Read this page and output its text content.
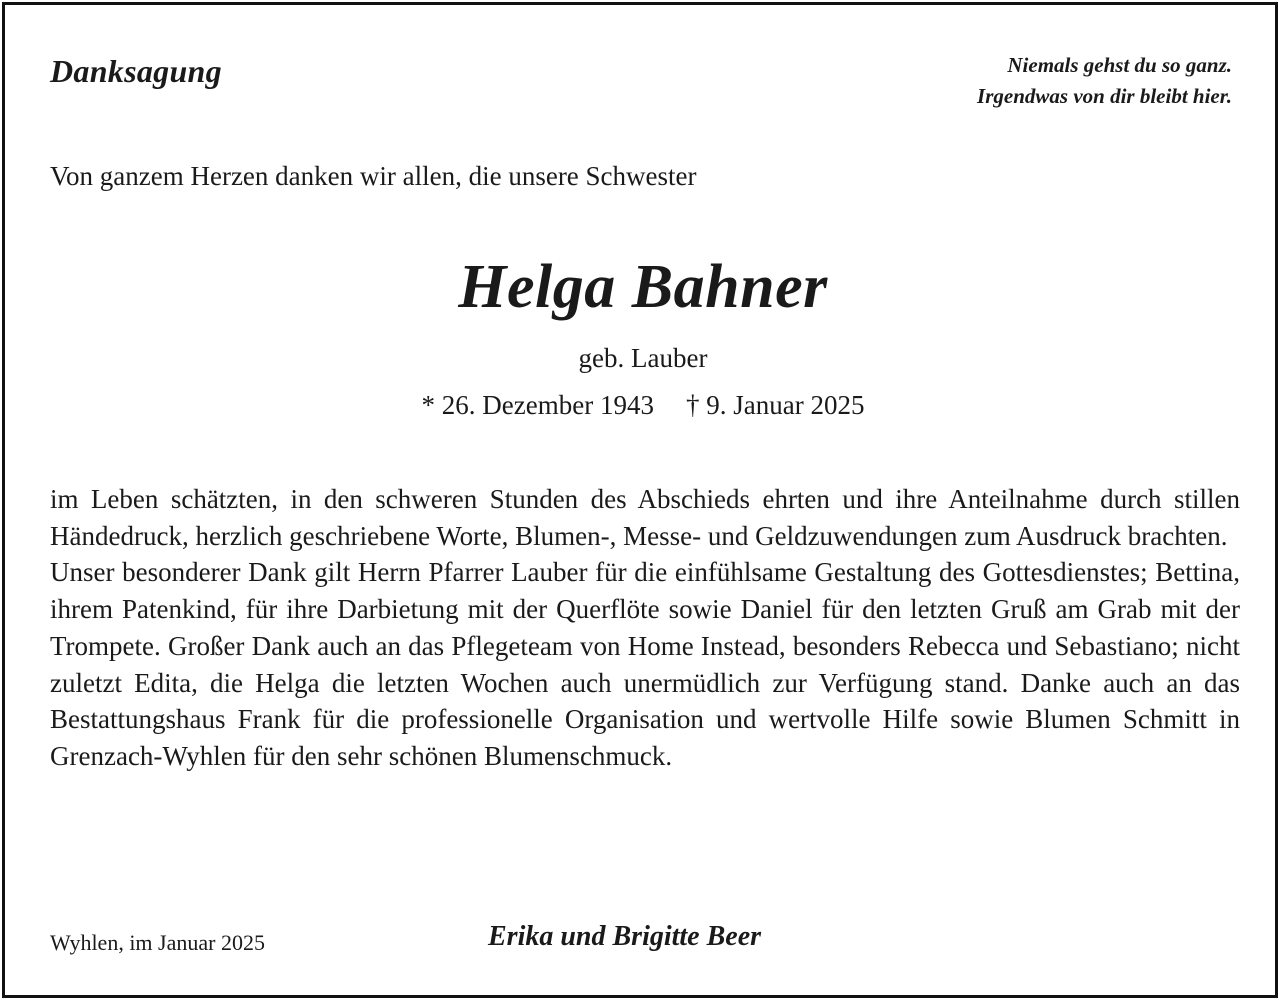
Danksagung	Niemals gehst du so ganz.
Irgendwas von dir bleibt hier.
Von ganzem Herzen danken wir allen, die unsere Schwester
Helga Bahner
geb. Lauber
* 26. Dezember 1943 † 9. Januar 2025

im Leben schätzten, in den schweren Stunden des Abschieds ehrten und ihre Anteilnahme durch stillen Händedruck, herzlich geschriebene Worte, Blumen-, Messe- und Geldzuwendungen zum Ausdruck brachten.

Unser besonderer Dank gilt Herrn Pfarrer Lauber für die einfühlsame Gestaltung des Gottesdienstes; Bettina, ihrem Patenkind, für ihre Darbietung mit der Querflöte sowie Daniel für den letzten Gruß am Grab mit der Trompete. Großer Dank auch an das Pflegeteam von Home Instead, besonders Rebecca und Sebastiano; nicht zuletzt Edita, die Helga die letzten Wochen auch unermüdlich zur Verfügung stand. Danke auch an das Bestattungshaus Frank für die professionelle Organisation und wertvolle Hilfe sowie Blumen Schmitt in Grenzach-Wyhlen für den sehr schönen Blumenschmuck.

Wyhlen, im Januar 2025	Erika und Brigitte Beer
